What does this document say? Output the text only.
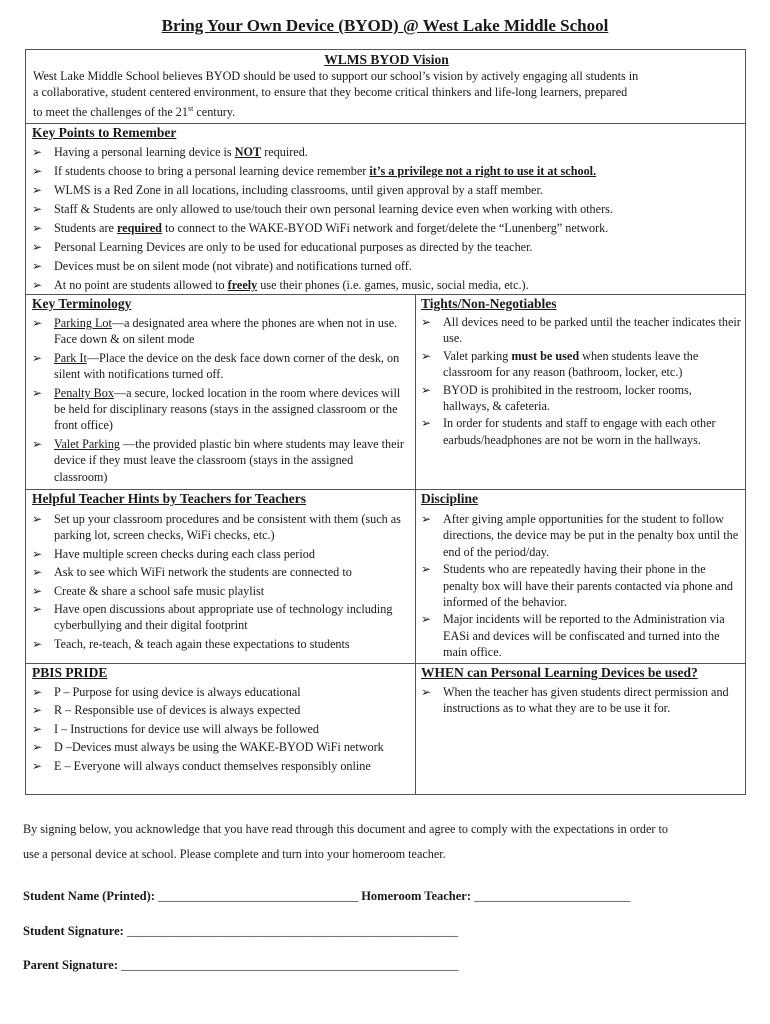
Bring Your Own Device (BYOD) @ West Lake Middle School
WLMS BYOD Vision
West Lake Middle School believes BYOD should be used to support our school’s vision by actively engaging all students in
a collaborative, student centered environment, to ensure that they become critical thinkers and life-long learners, prepared
to meet the challenges of the 21st century.
Key Points to Remember
➢ Having a personal learning device is NOT required.
➢ If students choose to bring a personal learning device remember it’s a privilege not a right to use it at school.
➢ WLMS is a Red Zone in all locations, including classrooms, until given approval by a staff member.
➢ Staff & Students are only allowed to use/touch their own personal learning device even when working with others.
➢ Students are required to connect to the WAKE-BYOD WiFi network and forget/delete the “Lunenberg” network.
➢ Personal Learning Devices are only to be used for educational purposes as directed by the teacher.
➢ Devices must be on silent mode (not vibrate) and notifications turned off.
➢ At no point are students allowed to freely use their phones (i.e. games, music, social media, etc.).
Key Terminology
➢ Parking Lot—a designated area where the phones are when not in use. Face down & on silent mode
➢ Park It—Place the device on the desk face down corner of the desk, on silent with notifications turned off.
➢ Penalty Box—a secure, locked location in the room where devices will be held for disciplinary reasons (stays in the assigned classroom or the front office)
➢ Valet Parking —the provided plastic bin where students may leave their device if they must leave the classroom (stays in the assigned classroom)
Tights/Non-Negotiables
➢ All devices need to be parked until the teacher indicates their use.
➢ Valet parking must be used when students leave the classroom for any reason (bathroom, locker, etc.)
➢ BYOD is prohibited in the restroom, locker rooms, hallways, & cafeteria.
➢ In order for students and staff to engage with each other earbuds/headphones are not be worn in the hallways.
Helpful Teacher Hints by Teachers for Teachers
➢ Set up your classroom procedures and be consistent with them (such as parking lot, screen checks, WiFi checks, etc.)
➢ Have multiple screen checks during each class period
➢ Ask to see which WiFi network the students are connected to
➢ Create & share a school safe music playlist
➢ Have open discussions about appropriate use of technology including cyberbullying and their digital footprint
➢ Teach, re-teach, & teach again these expectations to students
Discipline
➢ After giving ample opportunities for the student to follow directions, the device may be put in the penalty box until the end of the period/day.
➢ Students who are repeatedly having their phone in the penalty box will have their parents contacted via phone and informed of the behavior.
➢ Major incidents will be reported to the Administration via EASi and devices will be confiscated and turned into the main office.
PBIS PRIDE
➢ P – Purpose for using device is always educational
➢ R – Responsible use of devices is always expected
➢ I – Instructions for device use will always be followed
➢ D –Devices must always be using the WAKE-BYOD WiFi network
➢ E – Everyone will always conduct themselves responsibly online
WHEN can Personal Learning Devices be used?
➢ When the teacher has given students direct permission and instructions as to what they are to be use it for.
By signing below, you acknowledge that you have read through this document and agree to comply with the expectations in order to
use a personal device at school. Please complete and turn into your homeroom teacher.
Student Name (Printed): ________________________________ Homeroom Teacher: _________________________
Student Signature: _____________________________________________________
Parent Signature: ______________________________________________________
